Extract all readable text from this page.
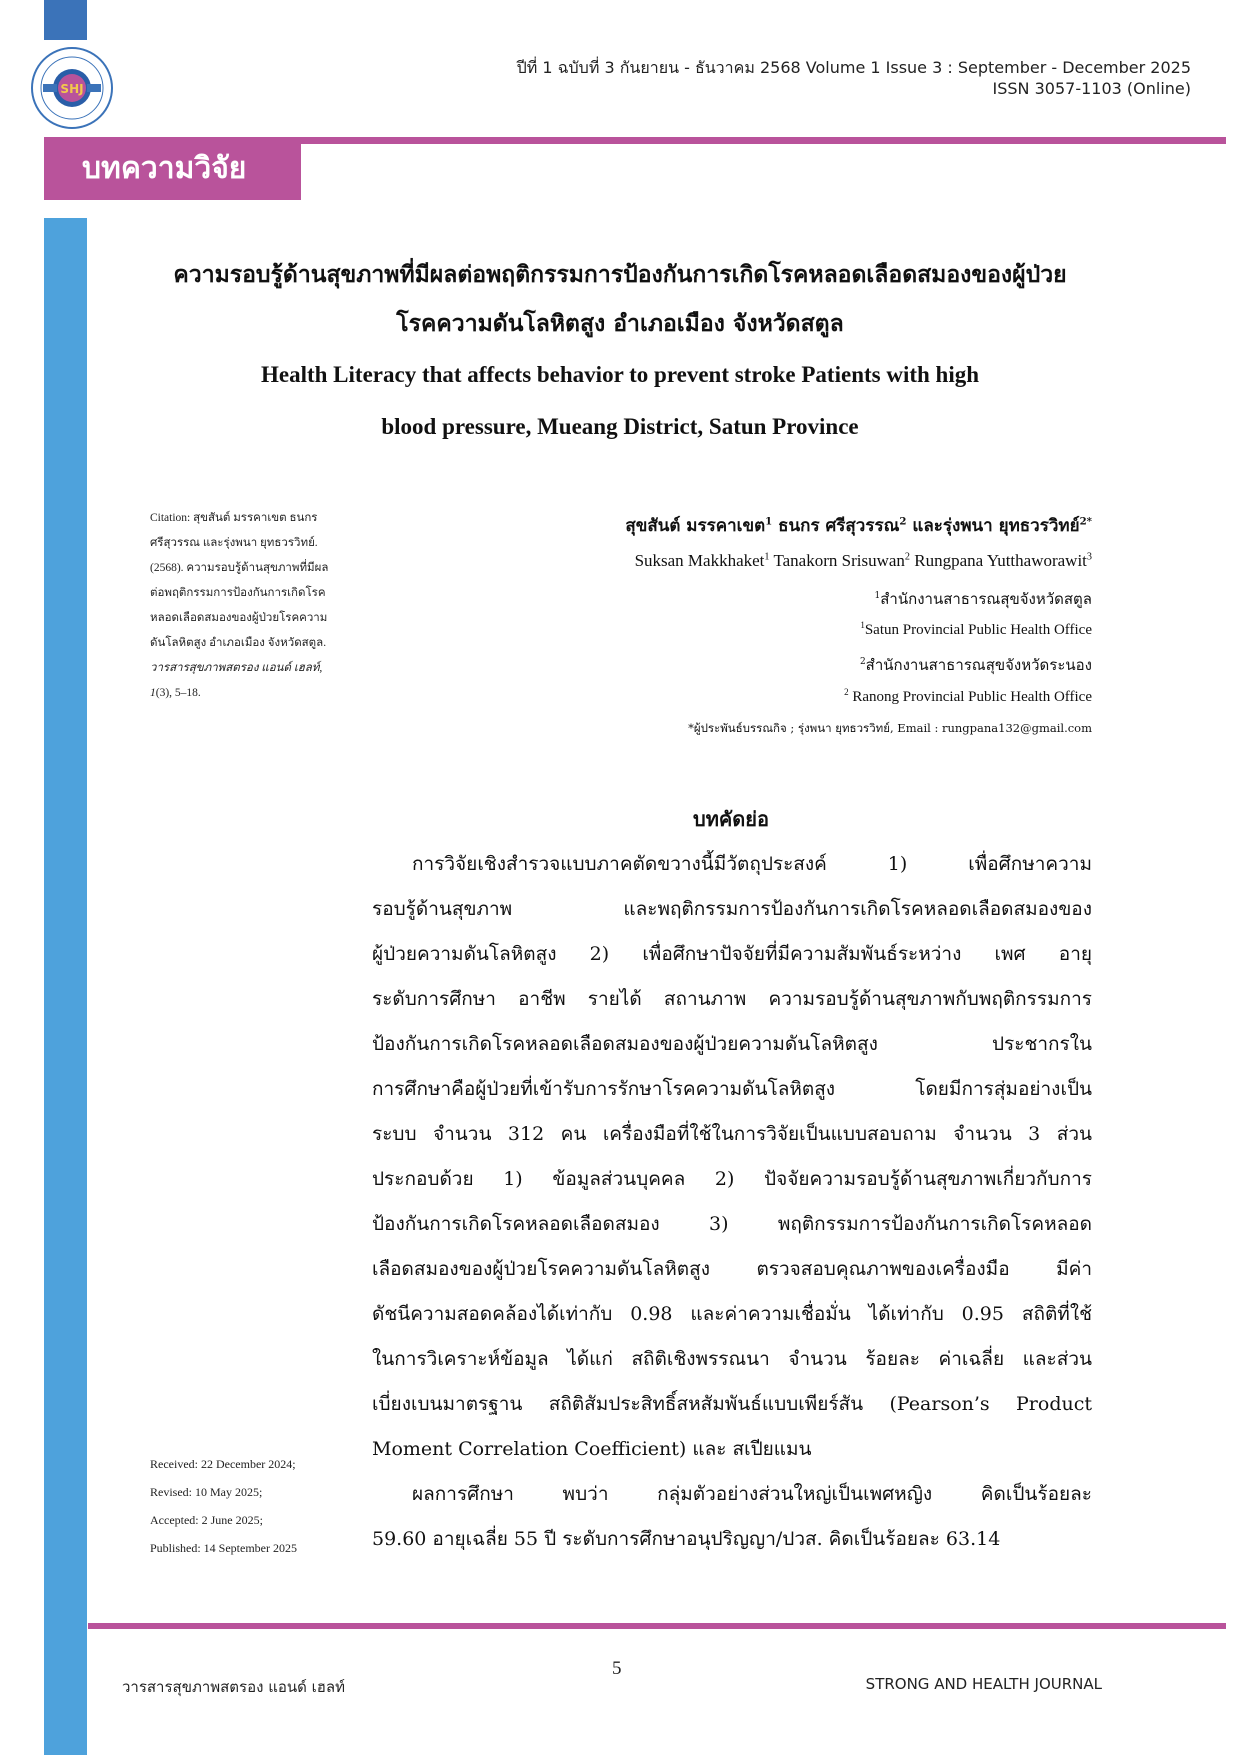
บทความวิจัย
SHJ
ปีที่ 1 ฉบับที่ 3 กันยายน - ธันวาคม 2568 Volume 1 Issue 3 : September - December 2025
ISSN 3057-1103 (Online)
ความรอบรู้ด้านสุขภาพที่มีผลต่อพฤติกรรมการป้องกันการเกิดโรคหลอดเลือดสมองของผู้ป่วย
โรคความดันโลหิตสูง อำเภอเมือง จังหวัดสตูล
Health Literacy that affects behavior to prevent stroke Patients with high
blood pressure, Mueang District, Satun Province
Citation: สุขสันต์ มรรคาเขต ธนกร ศรีสุวรรณ และรุ่งพนา ยุทธวรวิทย์. (2568). ความรอบรู้ด้านสุขภาพที่มีผลต่อพฤติกรรมการป้องกันการเกิดโรคหลอดเลือดสมองของผู้ป่วยโรคความดันโลหิตสูง อำเภอเมือง จังหวัดสตูล. วารสารสุขภาพสตรอง แอนด์ เฮลท์, 1(3), 5–18.
Received: 22 December 2024;
Revised: 10 May 2025;
Accepted: 2 June 2025;
Published: 14 September 2025
สุขสันต์ มรรคาเขต$^1$ ธนกร ศรีสุวรรณ$^2$ และรุ่งพนา ยุทธวรวิทย์$^{2*}$
Suksan Makkhaket$^1$ Tanakorn Srisuwan$^2$ Rungpana Yutthaworawit$^3$
$^1$สำนักงานสาธารณสุขจังหวัดสตูล
$^1$Satun Provincial Public Health Office
$^2$สำนักงานสาธารณสุขจังหวัดระนอง
$^2$ Ranong Provincial Public Health Office
*ผู้ประพันธ์บรรณกิจ ; รุ่งพนา ยุทธวรวิทย์, Email : rungpana132@gmail.com
บทคัดย่อ
การวิจัยเชิงสำรวจแบบภาคตัดขวางนี้มีวัตถุประสงค์ 1) เพื่อศึกษาความ
รอบรู้ด้านสุขภาพ และพฤติกรรมการป้องกันการเกิดโรคหลอดเลือดสมองของ
ผู้ป่วยความดันโลหิตสูง 2) เพื่อศึกษาปัจจัยที่มีความสัมพันธ์ระหว่าง เพศ อายุ
ระดับการศึกษา อาชีพ รายได้ สถานภาพ ความรอบรู้ด้านสุขภาพกับพฤติกรรมการ
ป้องกันการเกิดโรคหลอดเลือดสมองของผู้ป่วยความดันโลหิตสูง ประชากรใน
การศึกษาคือผู้ป่วยที่เข้ารับการรักษาโรคความดันโลหิตสูง โดยมีการสุ่มอย่างเป็น
ระบบ จำนวน 312 คน เครื่องมือที่ใช้ในการวิจัยเป็นแบบสอบถาม จำนวน 3 ส่วน
ประกอบด้วย 1) ข้อมูลส่วนบุคคล 2) ปัจจัยความรอบรู้ด้านสุขภาพเกี่ยวกับการ
ป้องกันการเกิดโรคหลอดเลือดสมอง 3) พฤติกรรมการป้องกันการเกิดโรคหลอด
เลือดสมองของผู้ป่วยโรคความดันโลหิตสูง ตรวจสอบคุณภาพของเครื่องมือ มีค่า
ดัชนีความสอดคล้องได้เท่ากับ 0.98 และค่าความเชื่อมั่น ได้เท่ากับ 0.95 สถิติที่ใช้
ในการวิเคราะห์ข้อมูล ได้แก่ สถิติเชิงพรรณนา จำนวน ร้อยละ ค่าเฉลี่ย และส่วน
เบี่ยงเบนมาตรฐาน สถิติสัมประสิทธิ์สหสัมพันธ์แบบเพียร์สัน (Pearson’s Product
Moment Correlation Coefficient) และ สเปียแมน
ผลการศึกษา พบว่า กลุ่มตัวอย่างส่วนใหญ่เป็นเพศหญิง คิดเป็นร้อยละ
59.60 อายุเฉลี่ย 55 ปี ระดับการศึกษาอนุปริญญา/ปวส. คิดเป็นร้อยละ 63.14
วารสารสุขภาพสตรอง แอนด์ เฮลท์
5
STRONG AND HEALTH JOURNAL
